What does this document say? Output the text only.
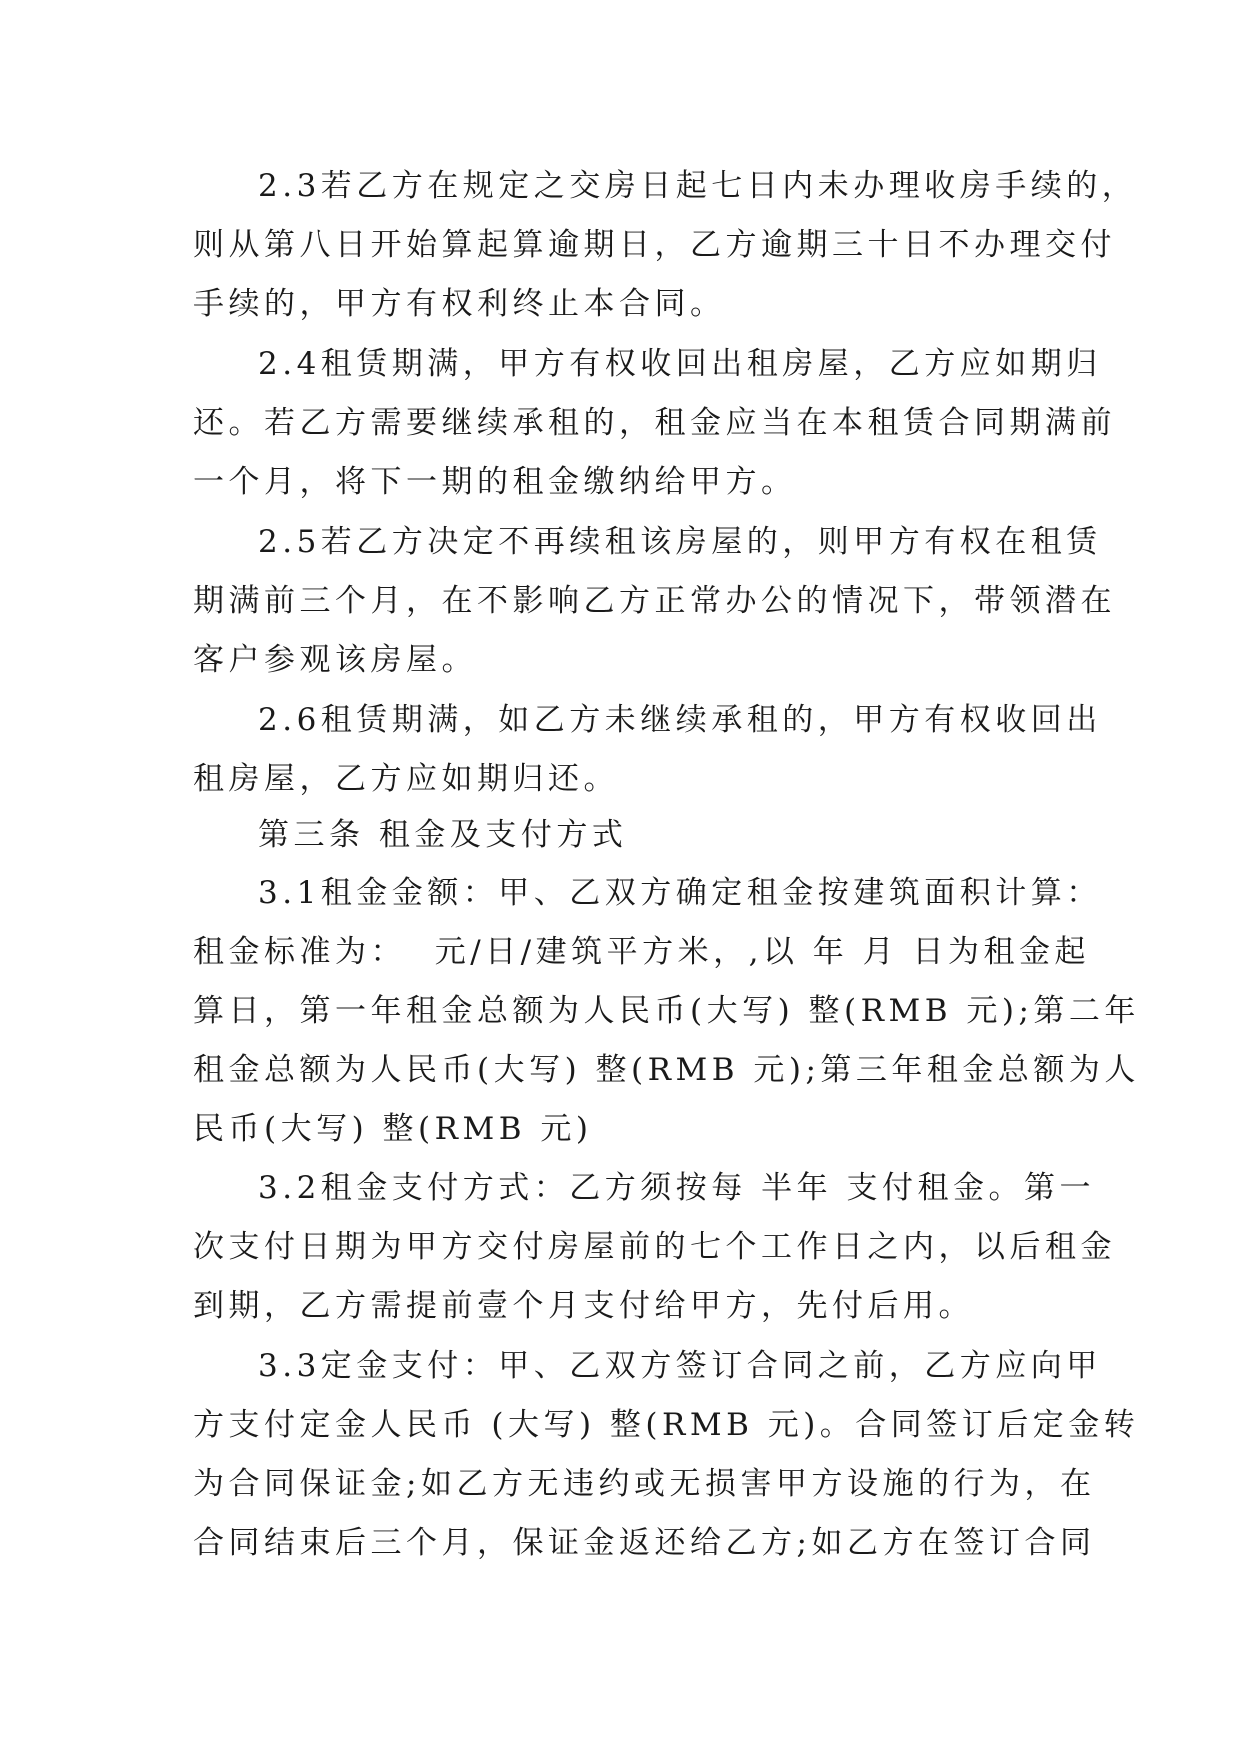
2.3若乙方在规定之交房日起七日内未办理收房手续的，
则从第八日开始算起算逾期日，乙方逾期三十日不办理交付
手续的，甲方有权利终止本合同。
2.4租赁期满，甲方有权收回出租房屋，乙方应如期归
还。若乙方需要继续承租的，租金应当在本租赁合同期满前
一个月，将下一期的租金缴纳给甲方。
2.5若乙方决定不再续租该房屋的，则甲方有权在租赁
期满前三个月，在不影响乙方正常办公的情况下，带领潜在
客户参观该房屋。
2.6租赁期满，如乙方未继续承租的，甲方有权收回出
租房屋，乙方应如期归还。
第三条 租金及支付方式
3.1租金金额：甲、乙双方确定租金按建筑面积计算：
租金标准为：  元/日/建筑平方米，,以 年 月 日为租金起
算日，第一年租金总额为人民币(大写) 整(RMB 元);第二年
租金总额为人民币(大写) 整(RMB 元);第三年租金总额为人
民币(大写) 整(RMB 元)
3.2租金支付方式：乙方须按每 半年 支付租金。第一
次支付日期为甲方交付房屋前的七个工作日之内，以后租金
到期，乙方需提前壹个月支付给甲方，先付后用。
3.3定金支付：甲、乙双方签订合同之前，乙方应向甲
方支付定金人民币 (大写) 整(RMB 元)。合同签订后定金转
为合同保证金;如乙方无违约或无损害甲方设施的行为，在
合同结束后三个月，保证金返还给乙方;如乙方在签订合同
